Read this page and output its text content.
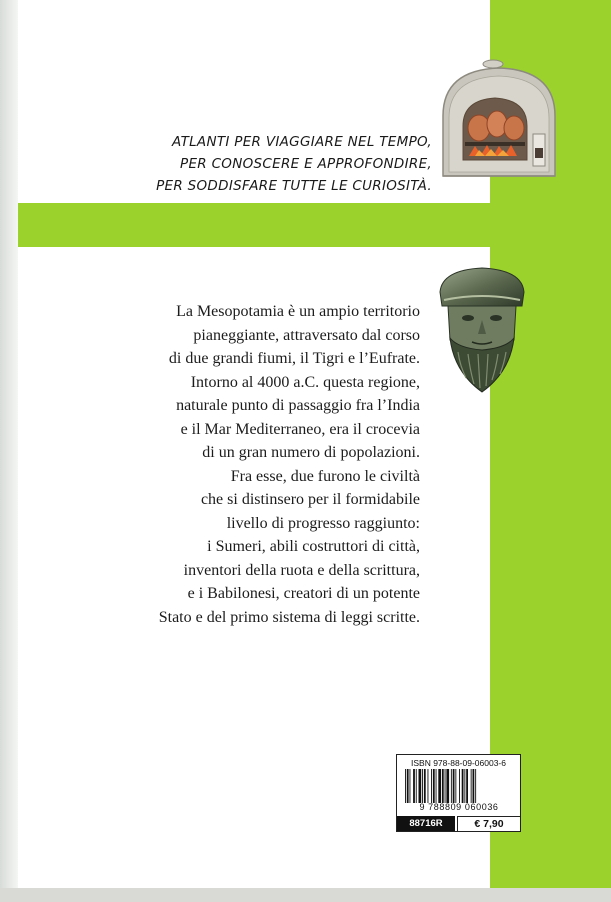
ATLANTI PER VIAGGIARE NEL TEMPO,
PER CONOSCERE E APPROFONDIRE,
PER SODDISFARE TUTTE LE CURIOSITÀ.
La Mesopotamia è un ampio territorio
pianeggiante, attraversato dal corso
di due grandi fiumi, il Tigri e l’Eufrate.
Intorno al 4000 a.C. questa regione,
naturale punto di passaggio fra l’India
e il Mar Mediterraneo, era il crocevia
di un gran numero di popolazioni.
Fra esse, due furono le civiltà
che si distinsero per il formidabile
livello di progresso raggiunto:
i Sumeri, abili costruttori di città,
inventori della ruota e della scrittura,
e i Babilonesi, creatori di un potente
Stato e del primo sistema di leggi scritte.
ISBN 978-88-09-06003-6
9 788809 060036
88716R	€ 7,90
